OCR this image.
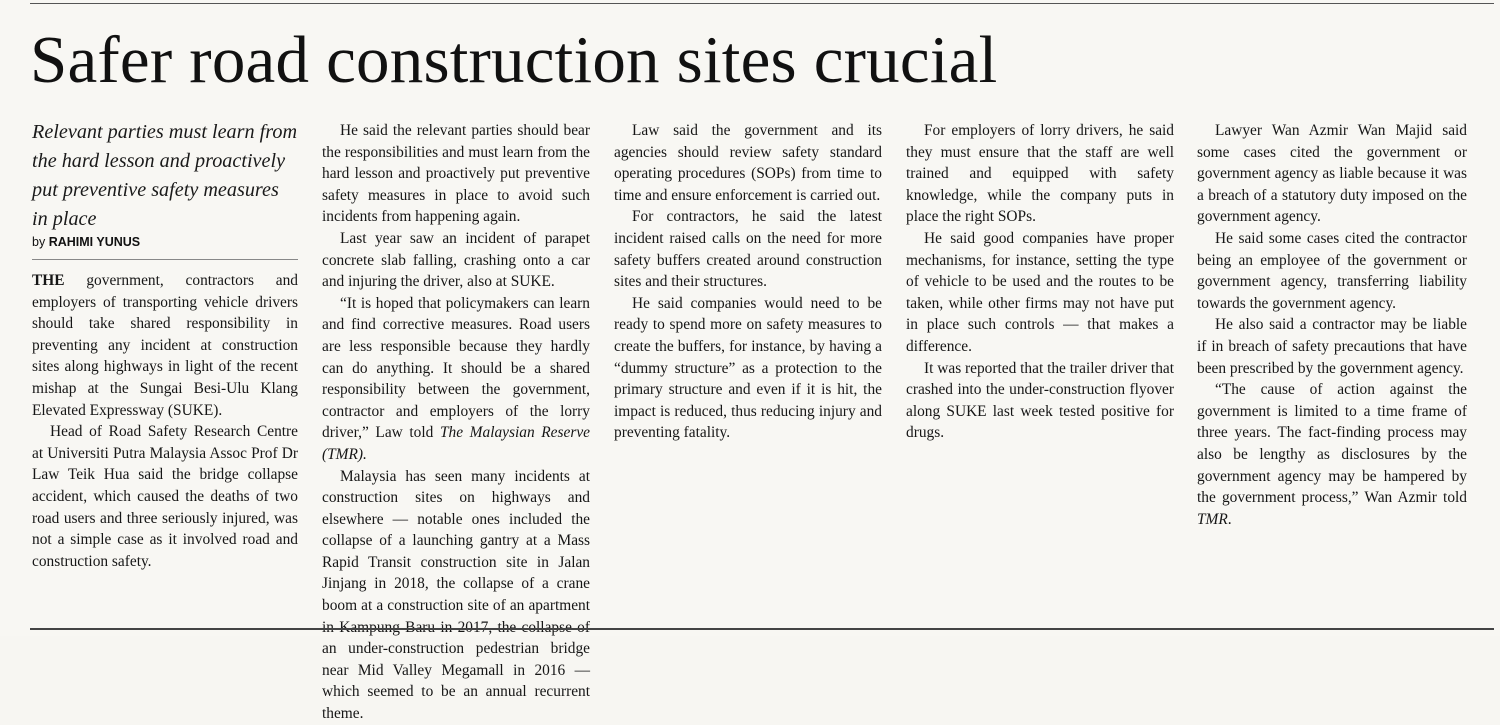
Safer road construction sites crucial

Relevant parties must learn from the hard lesson and proactively put preventive safety measures in place

by RAHIMI YUNUS

THE government, contractors and employers of transporting vehicle drivers should take shared responsibility in preventing any incident at construction sites along highways in light of the recent mishap at the Sungai Besi-Ulu Klang Elevated Expressway (SUKE).

Head of Road Safety Research Centre at Universiti Putra Malaysia Assoc Prof Dr Law Teik Hua said the bridge collapse accident, which caused the deaths of two road users and three seriously injured, was not a simple case as it involved road and construction safety.

He said the relevant parties should bear the responsibilities and must learn from the hard lesson and proactively put preventive safety measures in place to avoid such incidents from happening again.

Last year saw an incident of parapet concrete slab falling, crashing onto a car and injuring the driver, also at SUKE.

“It is hoped that policymakers can learn and find corrective measures. Road users are less responsible because they hardly can do anything. It should be a shared responsibility between the government, contractor and employers of the lorry driver,” Law told The Malaysian Reserve (TMR).

Malaysia has seen many incidents at construction sites on highways and elsewhere — notable ones included the collapse of a launching gantry at a Mass Rapid Transit construction site in Jalan Jinjang in 2018, the collapse of a crane boom at a construction site of an apartment in Kampung Baru in 2017, the collapse of an under-construction pedestrian bridge near Mid Valley Megamall in 2016 — which seemed to be an annual recurrent theme.

Law said the government and its agencies should review safety standard operating procedures (SOPs) from time to time and ensure enforcement is carried out.

For contractors, he said the latest incident raised calls on the need for more safety buffers created around construction sites and their structures.

He said companies would need to be ready to spend more on safety measures to create the buffers, for instance, by having a “dummy structure” as a protection to the primary structure and even if it is hit, the impact is reduced, thus reducing injury and preventing fatality.

For employers of lorry drivers, he said they must ensure that the staff are well trained and equipped with safety knowledge, while the company puts in place the right SOPs.

He said good companies have proper mechanisms, for instance, setting the type of vehicle to be used and the routes to be taken, while other firms may not have put in place such controls — that makes a difference.

It was reported that the trailer driver that crashed into the under-construction flyover along SUKE last week tested positive for drugs.

Lawyer Wan Azmir Wan Majid said some cases cited the government or government agency as liable because it was a breach of a statutory duty imposed on the government agency.

He said some cases cited the contractor being an employee of the government or government agency, transferring liability towards the government agency.

He also said a contractor may be liable if in breach of safety precautions that have been prescribed by the government agency.

“The cause of action against the government is limited to a time frame of three years. The fact-finding process may also be lengthy as disclosures by the government agency may be hampered by the government process,” Wan Azmir told TMR.
